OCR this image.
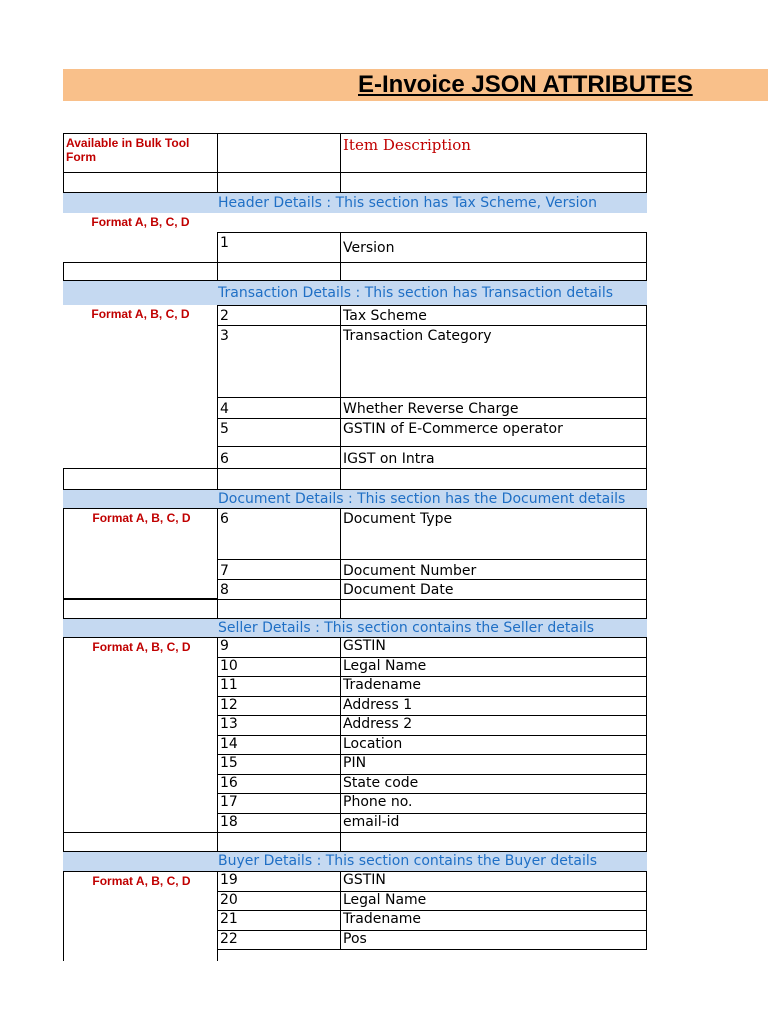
E-Invoice JSON ATTRIBUTES
Available in Bulk Tool Form
Item Description
Header Details : This section has Tax Scheme, Version
Format A, B, C, D
1	Version
Transaction Details : This section has Transaction details
Format A, B, C, D	2	Tax Scheme
3	Transaction Category
4	Whether Reverse Charge
5	GSTIN of E-Commerce operator
6	IGST on Intra
Document Details : This section has the Document details
Format A, B, C, D	6	Document Type
7	Document Number
8	Document Date
Seller Details : This section contains the Seller details
Format A, B, C, D	9	GSTIN
10	Legal Name
11	Tradename
12	Address 1
13	Address 2
14	Location
15	PIN
16	State code
17	Phone no.
18	email-id
Buyer Details : This section contains the Buyer details
Format A, B, C, D	19	GSTIN
20	Legal Name
21	Tradename
22	Pos
